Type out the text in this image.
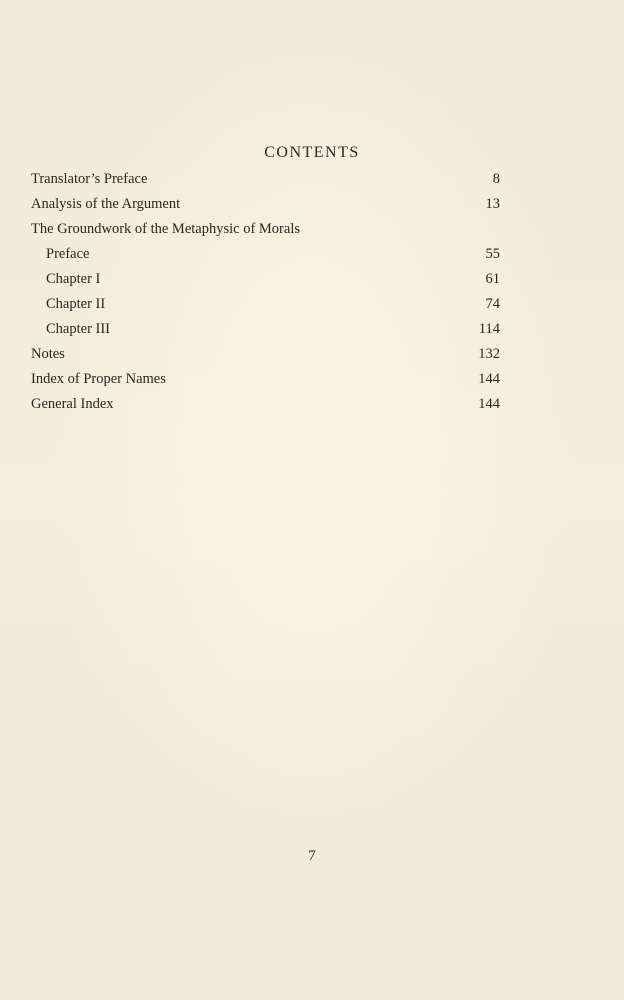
CONTENTS
Translator’s Preface	8
Analysis of the Argument	13
The Groundwork of the Metaphysic of Morals
Preface	55
Chapter I	61
Chapter II	74
Chapter III	114
Notes	132
Index of Proper Names	144
General Index	144
7
